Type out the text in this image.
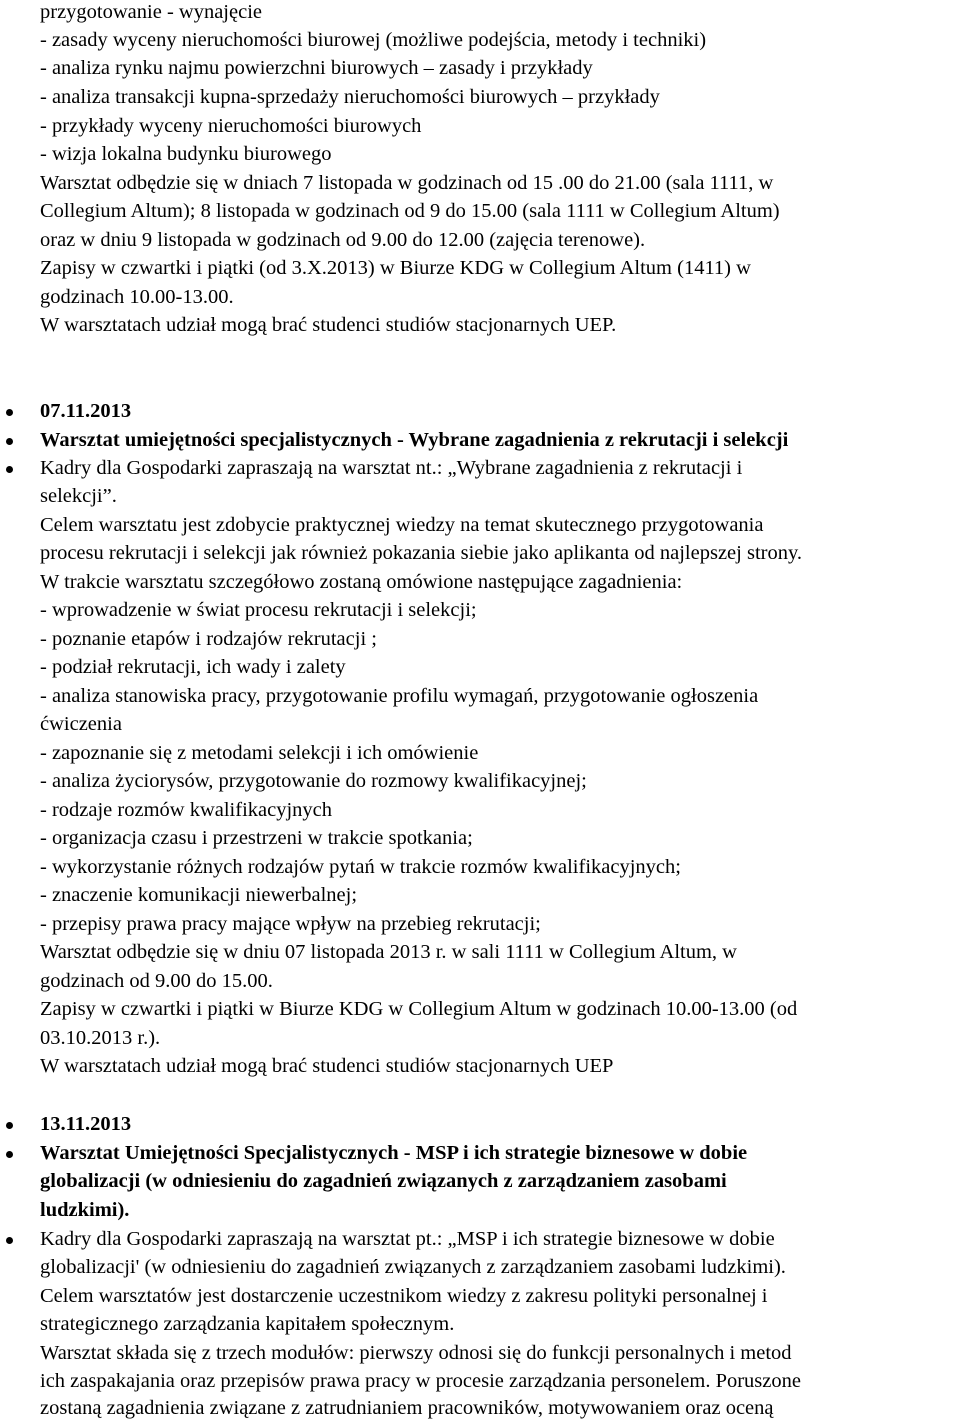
przygotowanie - wynajęcie
- zasady wyceny nieruchomości biurowej (możliwe podejścia, metody i techniki)
- analiza rynku najmu powierzchni biurowych – zasady i przykłady
- analiza transakcji kupna-sprzedaży nieruchomości biurowych – przykłady
- przykłady wyceny nieruchomości biurowych
- wizja lokalna budynku biurowego
Warsztat odbędzie się w dniach 7 listopada w godzinach od 15 .00 do 21.00 (sala 1111, w
Collegium Altum); 8 listopada w godzinach od 9 do 15.00 (sala 1111 w Collegium Altum)
oraz w dniu 9 listopada w godzinach od 9.00 do 12.00 (zajęcia terenowe).
Zapisy w czwartki i piątki (od 3.X.2013) w Biurze KDG w Collegium Altum (1411) w
godzinach 10.00-13.00.
W warsztatach udział mogą brać studenci studiów stacjonarnych UEP.
07.11.2013
Warsztat umiejętności specjalistycznych - Wybrane zagadnienia z rekrutacji i selekcji
Kadry dla Gospodarki zapraszają na warsztat nt.: „Wybrane zagadnienia z rekrutacji i
selekcji”.
Celem warsztatu jest zdobycie praktycznej wiedzy na temat skutecznego przygotowania
procesu rekrutacji i selekcji jak również pokazania siebie jako aplikanta od najlepszej strony.
W trakcie warsztatu szczegółowo zostaną omówione następujące zagadnienia:
- wprowadzenie w świat procesu rekrutacji i selekcji;
- poznanie etapów i rodzajów rekrutacji ;
- podział rekrutacji, ich wady i zalety
- analiza stanowiska pracy, przygotowanie profilu wymagań, przygotowanie ogłoszenia
ćwiczenia
- zapoznanie się z metodami selekcji i ich omówienie
- analiza życiorysów, przygotowanie do rozmowy kwalifikacyjnej;
- rodzaje rozmów kwalifikacyjnych
- organizacja czasu i przestrzeni w trakcie spotkania;
- wykorzystanie różnych rodzajów pytań w trakcie rozmów kwalifikacyjnych;
- znaczenie komunikacji niewerbalnej;
- przepisy prawa pracy mające wpływ na przebieg rekrutacji;
Warsztat odbędzie się w dniu 07 listopada 2013 r. w sali 1111 w Collegium Altum, w
godzinach od 9.00 do 15.00.
Zapisy w czwartki i piątki w Biurze KDG w Collegium Altum w godzinach 10.00-13.00 (od
03.10.2013 r.).
W warsztatach udział mogą brać studenci studiów stacjonarnych UEP
13.11.2013
Warsztat Umiejętności Specjalistycznych - MSP i ich strategie biznesowe w dobie
globalizacji (w odniesieniu do zagadnień związanych z zarządzaniem zasobami
ludzkimi).
Kadry dla Gospodarki zapraszają na warsztat pt.: „MSP i ich strategie biznesowe w dobie
globalizacji' (w odniesieniu do zagadnień związanych z zarządzaniem zasobami ludzkimi).
Celem warsztatów jest dostarczenie uczestnikom wiedzy z zakresu polityki personalnej i
strategicznego zarządzania kapitałem społecznym.
Warsztat składa się z trzech modułów: pierwszy odnosi się do funkcji personalnych i metod
ich zaspakajania oraz przepisów prawa pracy w procesie zarządzania personelem. Poruszone
zostaną zagadnienia związane z zatrudnianiem pracowników, motywowaniem oraz oceną
